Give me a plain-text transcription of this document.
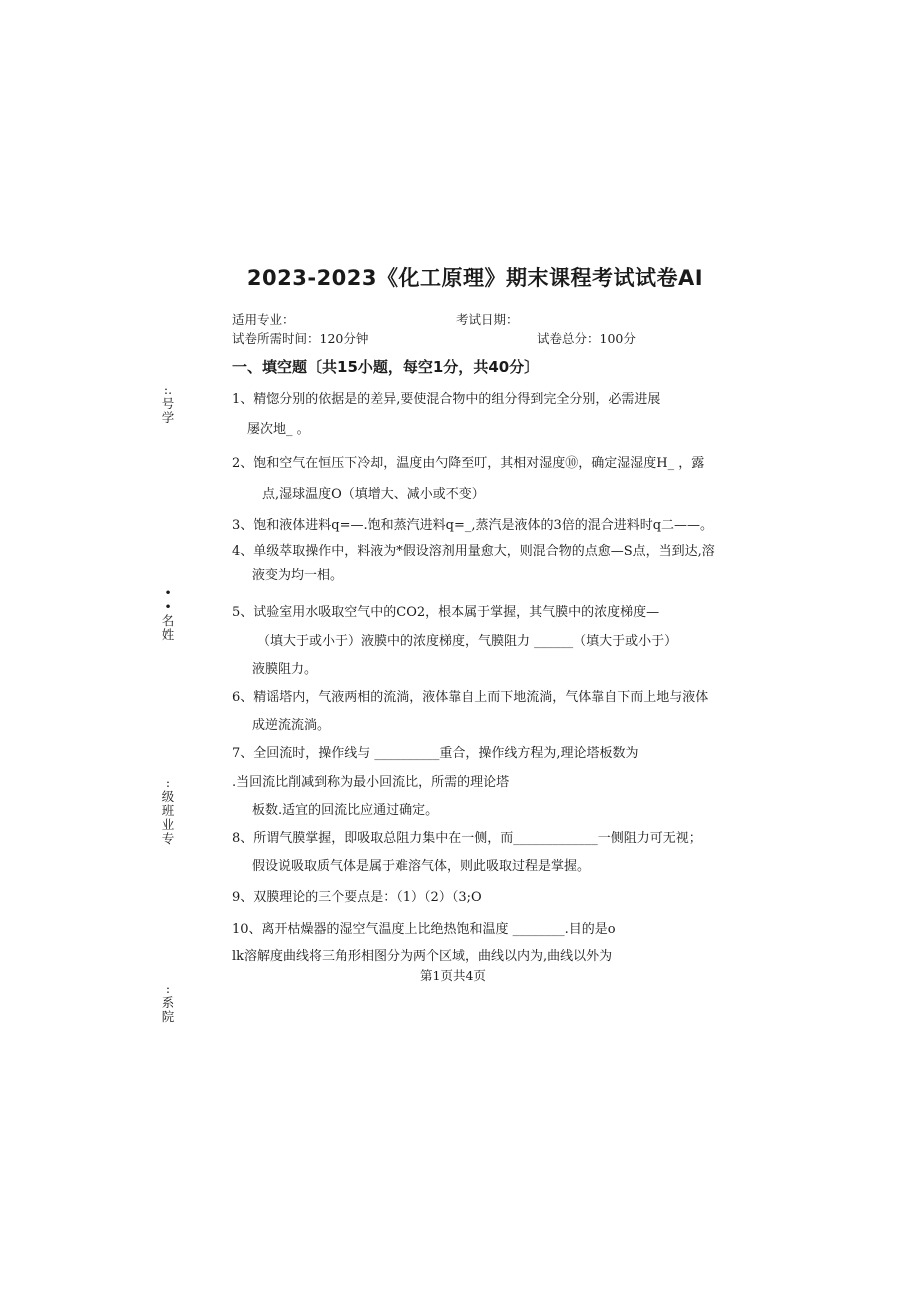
2023-2023《化工原理》期末课程考试试卷AI
适用专业：	考试日期：
试卷所需时间：120分钟	试卷总分：100分
一、填空题〔共15小题，每空1分，共40分〕
1、精惚分别的依据是的差异,要使混合物中的组分得到完全分别，必需进展
屡次地_ 。
2、饱和空气在恒压下冷却，温度由勺降至叮，其相对湿度⑩，确定湿湿度H_ ，露
点,湿球温度O（填增大、减小或不变）
3、饱和液体进料q=—.饱和蒸汽进料q=_,蒸汽是液体的3倍的混合进料时q二——。
4、单级萃取操作中，料液为*假设溶剂用量愈大，则混合物的点愈—S点，当到达,溶
液变为均一相。
5、试验室用水吸取空气中的CO2，根本属于掌握，其气膜中的浓度梯度—
（填大于或小于）液膜中的浓度梯度，气膜阻力 ______（填大于或小于）
液膜阻力。
6、精谣塔内，气液两相的流淌，液体靠自上而下地流淌，气体靠自下而上地与液体
成逆流流淌。
7、全回流时，操作线与 __________重合，操作线方程为,理论塔板数为
.当回流比削减到称为最小回流比，所需的理论塔
板数.适宜的回流比应通过确定。
8、所谓气膜掌握，即吸取总阻力集中在一侧，而_____________一侧阻力可无视；
假设说吸取质气体是属于难溶气体，则此吸取过程是掌握。
9、双膜理论的三个要点是：（1）（2）（3;O
10、离开枯燥器的湿空气温度上比绝热饱和温度 ________.目的是o
lk溶解度曲线将三角形相图分为两个区域，曲线以内为,曲线以外为
:.号
学
•
•
名
姓
:
级
班
业
专
:
系
院
第1页共4页
